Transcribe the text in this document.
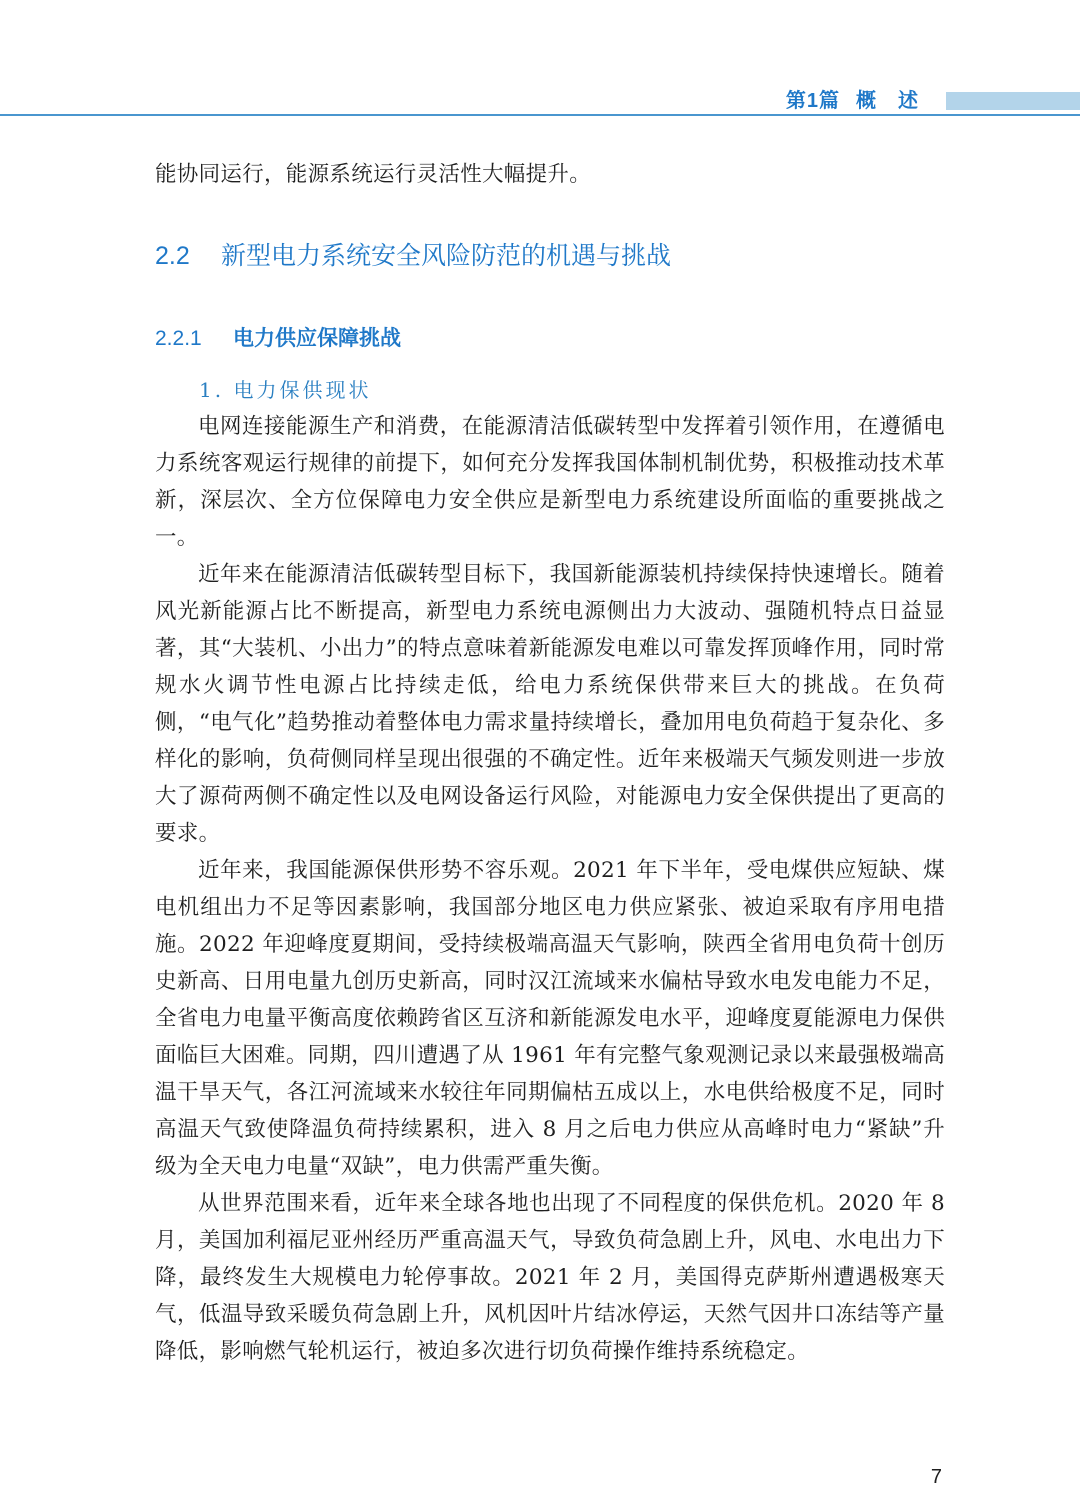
第1篇 概　述

能协同运行，能源系统运行灵活性大幅提升。

2.2 新型电力系统安全风险防范的机遇与挑战
2.2.1 电力供应保障挑战
1. 电力保供现状

电网连接能源生产和消费，在能源清洁低碳转型中发挥着引领作用，在遵循电力系统客观运行规律的前提下，如何充分发挥我国体制机制优势，积极推动技术革新，深层次、全方位保障电力安全供应是新型电力系统建设所面临的重要挑战之一。

近年来在能源清洁低碳转型目标下，我国新能源装机持续保持快速增长。随着风光新能源占比不断提高，新型电力系统电源侧出力大波动、强随机特点日益显著，其“大装机、小出力”的特点意味着新能源发电难以可靠发挥顶峰作用，同时常规水火调节性电源占比持续走低，给电力系统保供带来巨大的挑战。在负荷侧，“电气化”趋势推动着整体电力需求量持续增长，叠加用电负荷趋于复杂化、多样化的影响，负荷侧同样呈现出很强的不确定性。近年来极端天气频发则进一步放大了源荷两侧不确定性以及电网设备运行风险，对能源电力安全保供提出了更高的要求。

近年来，我国能源保供形势不容乐观。2021 年下半年，受电煤供应短缺、煤电机组出力不足等因素影响，我国部分地区电力供应紧张、被迫采取有序用电措施。2022 年迎峰度夏期间，受持续极端高温天气影响，陕西全省用电负荷十创历史新高、日用电量九创历史新高，同时汉江流域来水偏枯导致水电发电能力不足，全省电力电量平衡高度依赖跨省区互济和新能源发电水平，迎峰度夏能源电力保供面临巨大困难。同期，四川遭遇了从 1961 年有完整气象观测记录以来最强极端高温干旱天气，各江河流域来水较往年同期偏枯五成以上，水电供给极度不足，同时高温天气致使降温负荷持续累积，进入 8 月之后电力供应从高峰时电力“紧缺”升级为全天电力电量“双缺”，电力供需严重失衡。

从世界范围来看，近年来全球各地也出现了不同程度的保供危机。2020 年 8 月，美国加利福尼亚州经历严重高温天气，导致负荷急剧上升，风电、水电出力下降，最终发生大规模电力轮停事故。2021 年 2 月，美国得克萨斯州遭遇极寒天气，低温导致采暖负荷急剧上升，风机因叶片结冰停运，天然气因井口冻结等产量降低，影响燃气轮机运行，被迫多次进行切负荷操作维持系统稳定。

7
